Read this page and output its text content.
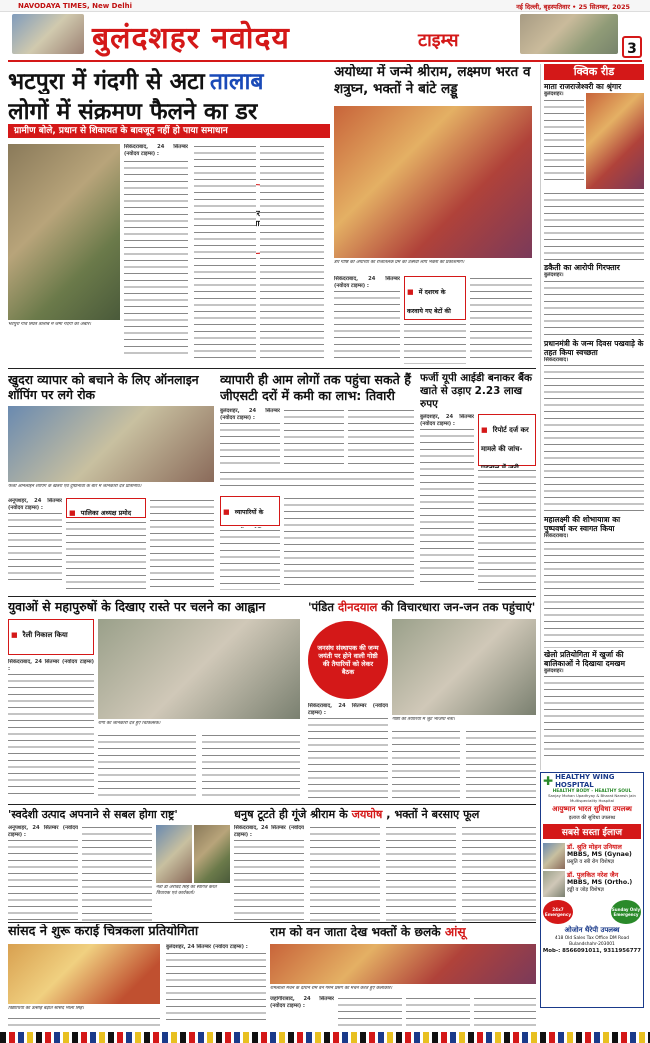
NAVODAYA TIMES, New Delhi	नई दिल्ली, बृहस्पतिवार • 25 सितम्बर, 2025
बुलंदशहर नवोदय	टाइम्स	3
भटपुरा में गंदगी से अटा तालाब
लोगों में संक्रमण फैलने का डर
ग्रामीण बोले, प्रधान से शिकायत के बावजूद नहीं हो पाया समाधान
भटपुरा गांव स्थित तालाब में जमा गंदगी का अंबार।
सिकंदराबाद, 24 सितम्बर (नवोदय टाइम्स) :
अयोध्या में जन्मे श्रीराम, लक्ष्मण भरत व शत्रुघ्न, भक्तों ने बांटे लड्डू
डप गोष्ठि की अयोध्या का राजतिलक प्रेम का उत्सवी लाये भक्तों की प्रकाशमार्ग।
सिकंदराबाद, 24 सितम्बर (नवोदय टाइम्स) :
■ में दशरथ के करवाये गए बेटों की
क्विक रीड
माता राजराजेश्वरी का श्रृंगार
बुलंदशहर।
डकैती का आरोपी गिरफ्तार
बुलंदशहर।
प्रधानमंत्री के जन्म दिवस पखवाड़े के तहत किया स्वच्छता
सिकंदराबाद।
महालक्ष्मी की शोभायात्रा का पुष्पवर्षा कर स्वागत किया
सिकंदराबाद।
खेलो प्रतियोगिता में खुर्जा की बालिकाओं ने दिखाया दमखम
बुलंदशहर।
खुदरा व्यापार को बचाने के लिए ऑनलाइन शॉपिंग पर लगे रोक
फर्जी ऑनलाइन शॉपिंग के खतरा एवं दुष्प्रभावों के बारे में जानकारी देते प्रतिनिधि।
अनूपशहर, 24 सितम्बर (नवोदय टाइम्स) :
■ पालिका अध्यक्ष प्रमोद
व्यापारी ही आम लोगों तक पहुंचा सकते हैं जीएसटी दरों में कमी का लाभ: तिवारी
बुलंदशहर, 24 सितम्बर (नवोदय टाइम्स) :
■ व्यापारियों के
फर्जी यूपी आईडी बनाकर बैंक खाते से उड़ाए 2.23 लाख रुपए
बुलंदशहर, 24 सितम्बर (नवोदय टाइम्स) :
■ रिपोर्ट दर्ज कर मामले की जांच-
युवाओं से महापुरुषों के दिखाए रास्ते पर चलने का आह्वान
■ रैली निकाल किया
रोगी को जानकारी देते हुए चिकित्सक।
सिकंदराबाद, 24 सितम्बर (नवोदय टाइम्स) :
'पंडित दीनदयाल की विचारधारा जन-जन तक पहुंचाएं'
जनसंघ संस्थापक की जन्म जयंती पर होने वाली गोष्ठी की तैयारियों को लेकर बैठक
गोष्ठी की तैयारियों में जुटे भाजपा नेता।
सिकंदराबाद, 24 सितम्बर (नवोदय टाइम्स) :
'स्वदेशी उत्पाद अपनाने से सबल होगा राष्ट्र'
अनूपशहर, 24 सितम्बर (नवोदय टाइम्स) :
नेता डॉ अरविंद सिंह का स्वागत करते विधायक एवं कार्यकर्ता।
धनुष टूटते ही गूंजे श्रीराम के जयघोष , भक्तों ने बरसाए फूल
सिकंदराबाद, 24 सितम्बर (नवोदय टाइम्स) :
✚ HEALTHY WING HOSPITAL
HEALTHY BODY - HEALTHY SOUL
Sanjay Mohan Upadhyay & Bharat Naresh Jain Multispeciality Hospital
आयुष्मान भारत सुविधा उपलब्ध
इलाज की सुविधा उपलब्ध
सबसे सस्ता ईलाज
डॉ. श्रुति मोहन उनियाल
MBBS, MS (Gynae)
प्रसूति व स्त्री रोग विशेषज्ञ
डॉ. पुलकित नरेश जैन
MBBS, MS (Ortho.)
हड्डी व जोड़ विशेषज्ञ
24x7 Emergency
Sunday Only Emergency
ओजोन थैरेपी उपलब्ध
418 Old Sales Tax Office DM Road Bulandshahr-203001
Mob-: 8566091011, 9311956777
सांसद ने शुरू कराई चित्रकला प्रतियोगिता
विद्यार्थियों का उत्साह बढ़ाते सांसद भोला सिंह।
बुलंदशहर, 24 सितम्बर (नवोदय टाइम्स) :
राम को वन जाता देख भक्तों के छलके आंसू
रामलीला मंचन के दौरान राम वन गमन प्रसंग का मंचन करते हुए कलाकार।
जहांगीराबाद, 24 सितम्बर (नवोदय टाइम्स) :
